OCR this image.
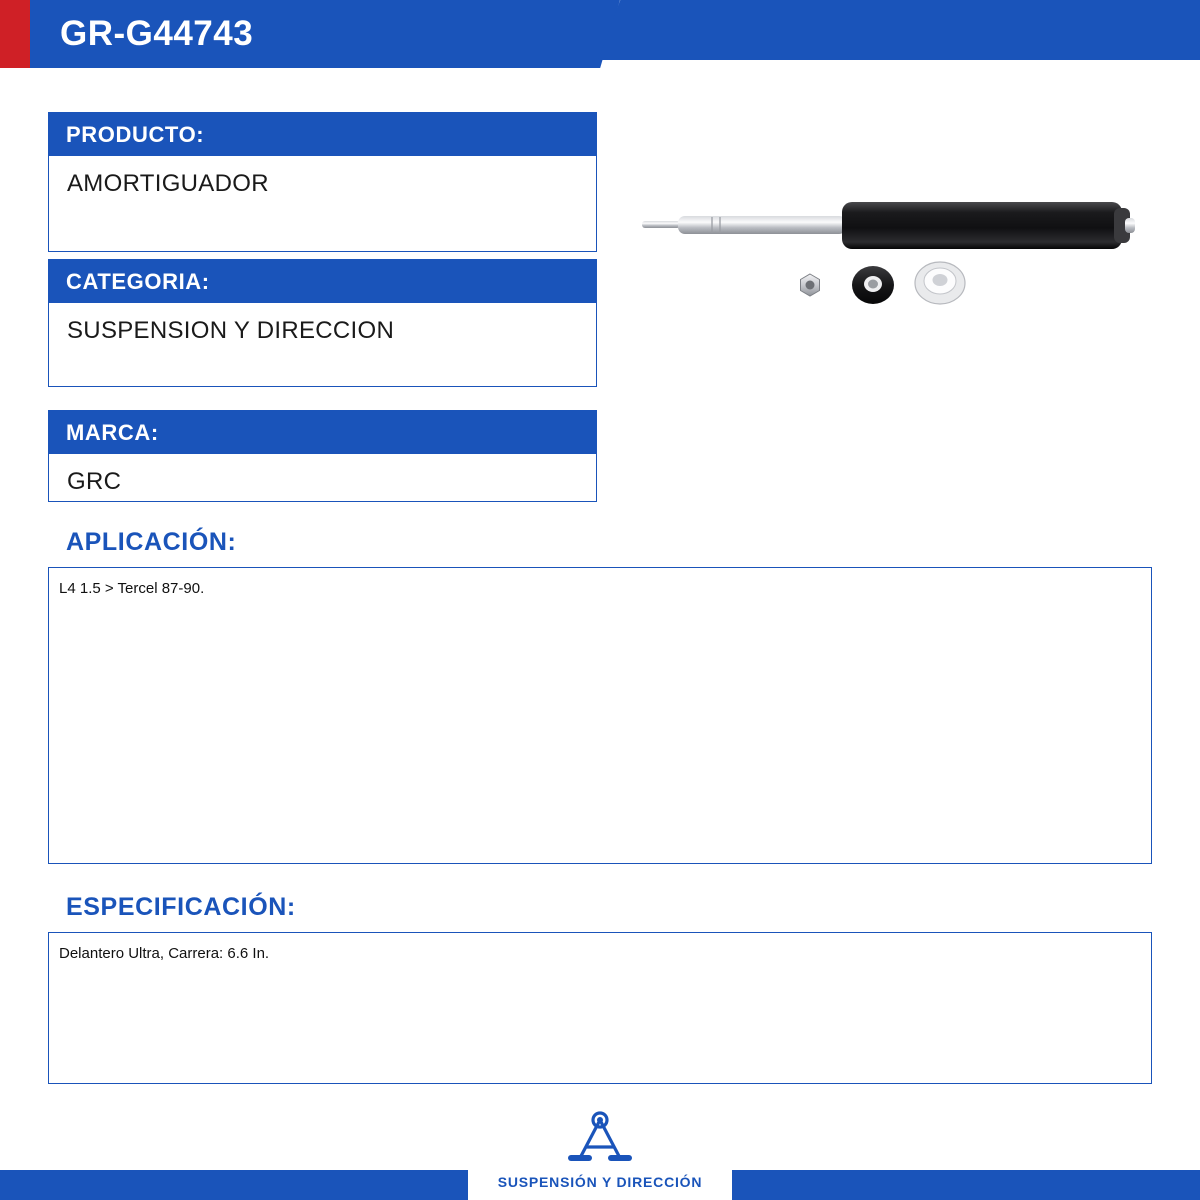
GR-G44743
PRODUCTO:
AMORTIGUADOR
CATEGORIA:
SUSPENSION Y DIRECCION
MARCA:
GRC
APLICACIÓN:
L4 1.5 > Tercel 87-90.
ESPECIFICACIÓN:
Delantero Ultra, Carrera: 6.6 In.
SUSPENSIÓN Y DIRECCIÓN
